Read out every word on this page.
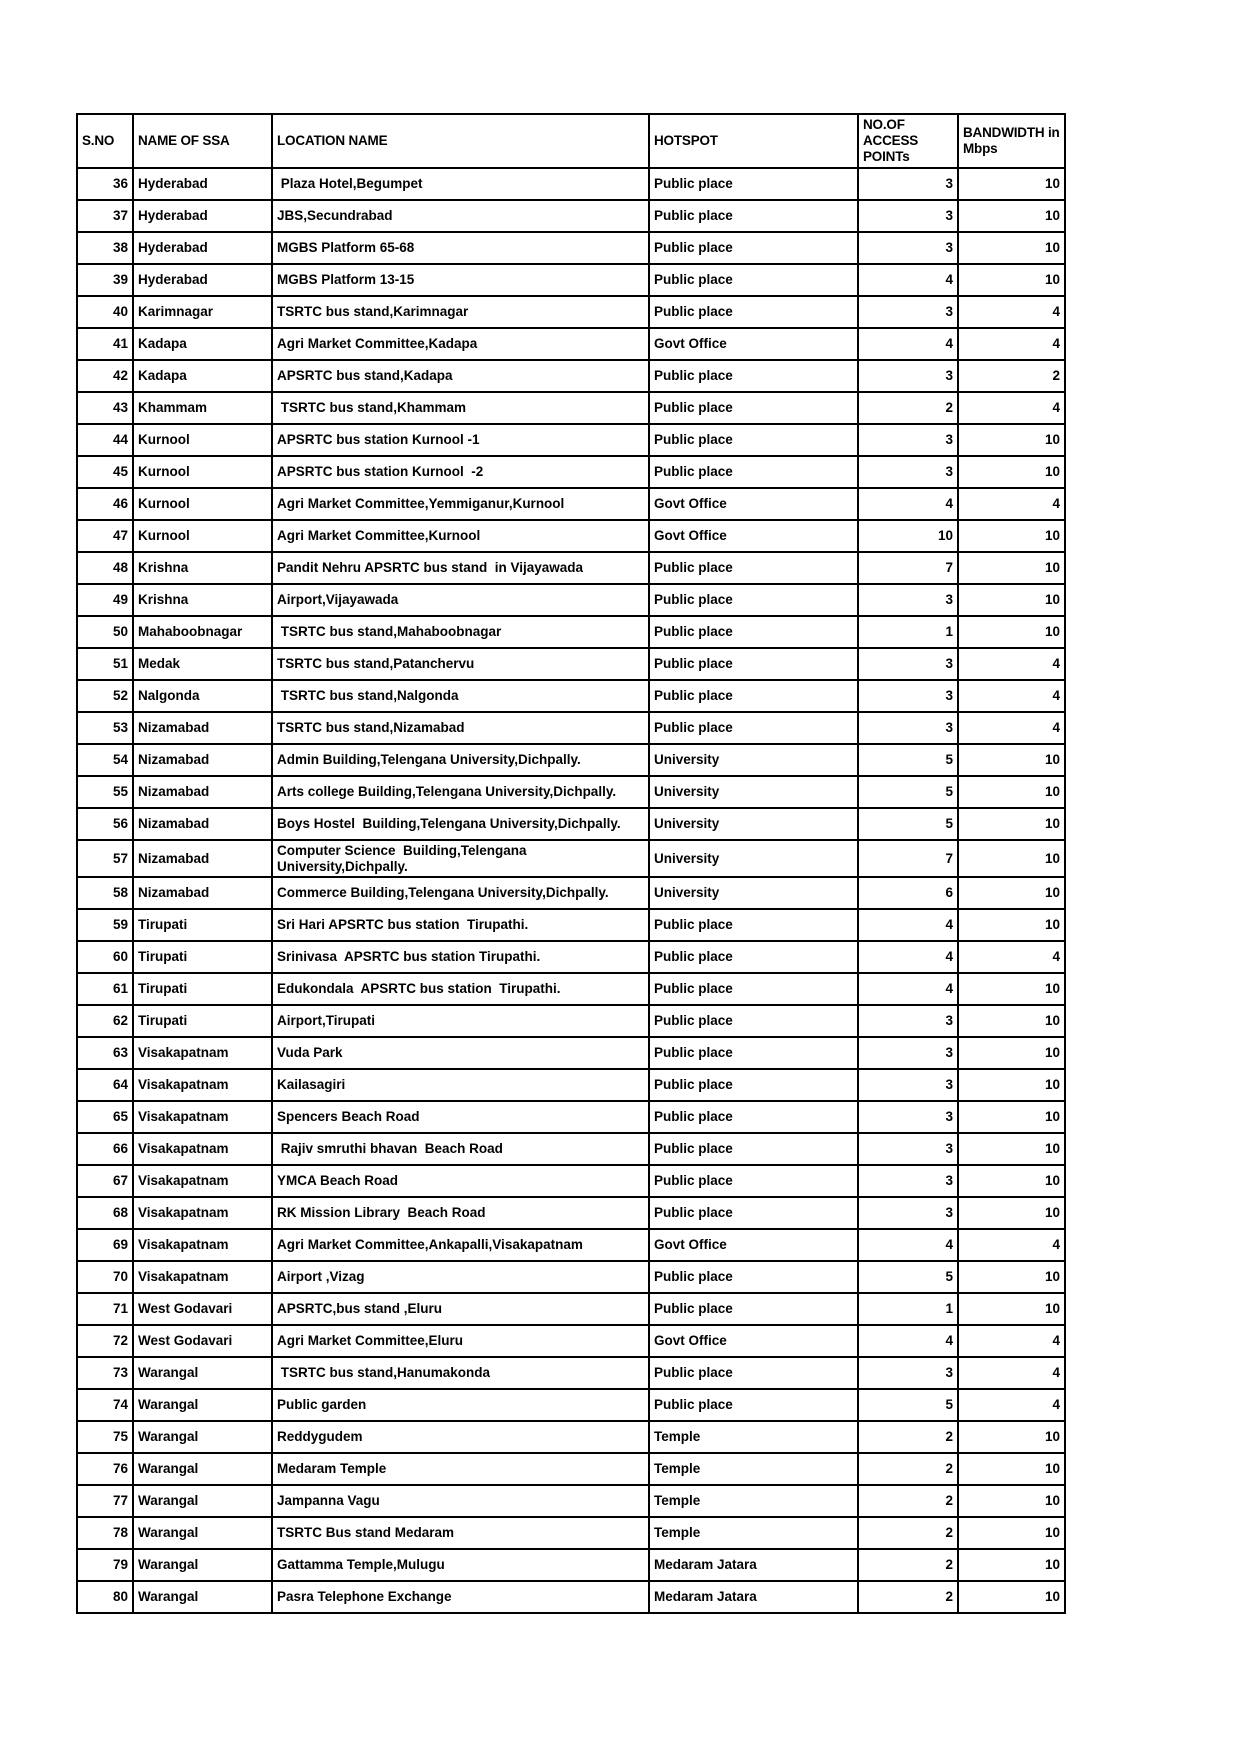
S.NO	NAME OF SSA	LOCATION NAME	HOTSPOT	NO.OF ACCESS POINTs	BANDWIDTH in Mbps
36	Hyderabad	Plaza Hotel,Begumpet	Public place	3	10
37	Hyderabad	JBS,Secundrabad	Public place	3	10
38	Hyderabad	MGBS Platform 65-68	Public place	3	10
39	Hyderabad	MGBS Platform 13-15	Public place	4	10
40	Karimnagar	TSRTC bus stand,Karimnagar	Public place	3	4
41	Kadapa	Agri Market Committee,Kadapa	Govt Office	4	4
42	Kadapa	APSRTC bus stand,Kadapa	Public place	3	2
43	Khammam	TSRTC bus stand,Khammam	Public place	2	4
44	Kurnool	APSRTC bus station Kurnool -1	Public place	3	10
45	Kurnool	APSRTC bus station Kurnool  -2	Public place	3	10
46	Kurnool	Agri Market Committee,Yemmiganur,Kurnool	Govt Office	4	4
47	Kurnool	Agri Market Committee,Kurnool	Govt Office	10	10
48	Krishna	Pandit Nehru APSRTC bus stand  in Vijayawada	Public place	7	10
49	Krishna	Airport,Vijayawada	Public place	3	10
50	Mahaboobnagar	TSRTC bus stand,Mahaboobnagar	Public place	1	10
51	Medak	TSRTC bus stand,Patanchervu	Public place	3	4
52	Nalgonda	TSRTC bus stand,Nalgonda	Public place	3	4
53	Nizamabad	TSRTC bus stand,Nizamabad	Public place	3	4
54	Nizamabad	Admin Building,Telengana University,Dichpally.	University	5	10
55	Nizamabad	Arts college Building,Telengana University,Dichpally.	University	5	10
56	Nizamabad	Boys Hostel  Building,Telengana University,Dichpally.	University	5	10
57	Nizamabad	Computer Science  Building,Telengana University,Dichpally.	University	7	10
58	Nizamabad	Commerce Building,Telengana University,Dichpally.	University	6	10
59	Tirupati	Sri Hari APSRTC bus station  Tirupathi.	Public place	4	10
60	Tirupati	Srinivasa  APSRTC bus station Tirupathi.	Public place	4	4
61	Tirupati	Edukondala  APSRTC bus station  Tirupathi.	Public place	4	10
62	Tirupati	Airport,Tirupati	Public place	3	10
63	Visakapatnam	Vuda Park	Public place	3	10
64	Visakapatnam	Kailasagiri	Public place	3	10
65	Visakapatnam	Spencers Beach Road	Public place	3	10
66	Visakapatnam	Rajiv smruthi bhavan  Beach Road	Public place	3	10
67	Visakapatnam	YMCA Beach Road	Public place	3	10
68	Visakapatnam	RK Mission Library  Beach Road	Public place	3	10
69	Visakapatnam	Agri Market Committee,Ankapalli,Visakapatnam	Govt Office	4	4
70	Visakapatnam	Airport ,Vizag	Public place	5	10
71	West Godavari	APSRTC,bus stand ,Eluru	Public place	1	10
72	West Godavari	Agri Market Committee,Eluru	Govt Office	4	4
73	Warangal	TSRTC bus stand,Hanumakonda	Public place	3	4
74	Warangal	Public garden	Public place	5	4
75	Warangal	Reddygudem	Temple	2	10
76	Warangal	Medaram Temple	Temple	2	10
77	Warangal	Jampanna Vagu	Temple	2	10
78	Warangal	TSRTC Bus stand Medaram	Temple	2	10
79	Warangal	Gattamma Temple,Mulugu	Medaram Jatara	2	10
80	Warangal	Pasra Telephone Exchange	Medaram Jatara	2	10
